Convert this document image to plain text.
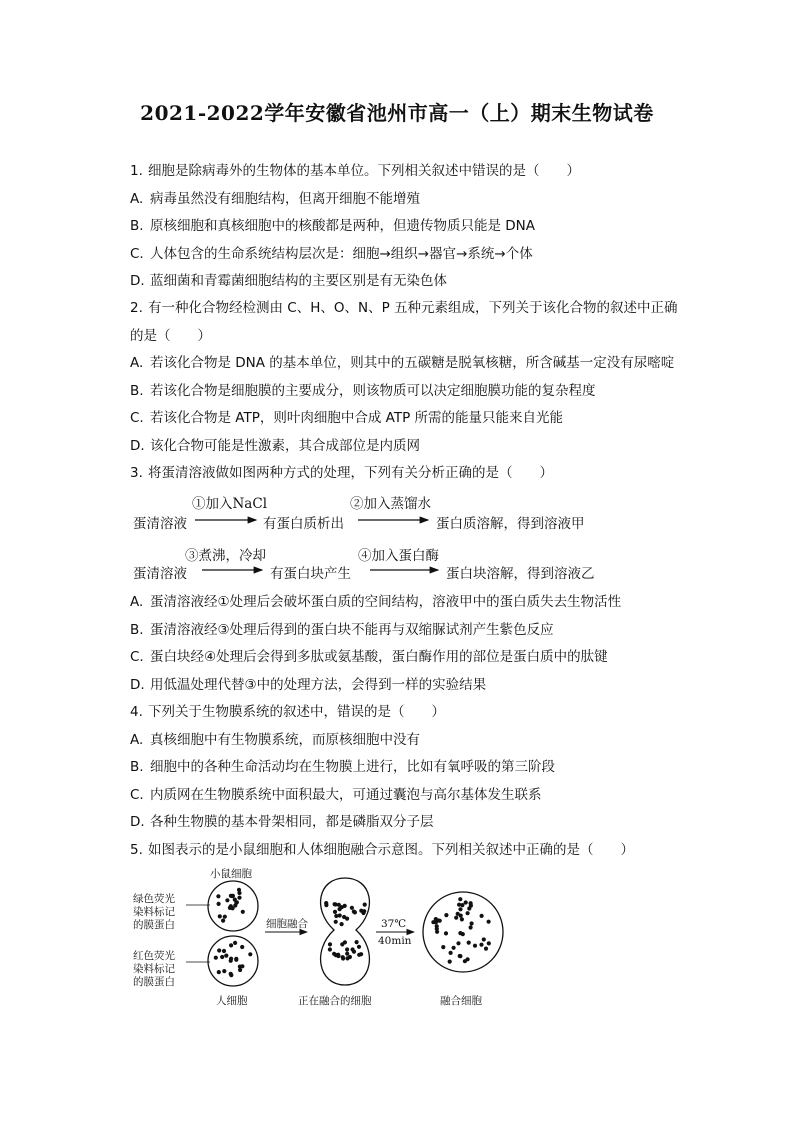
2021-2022学年安徽省池州市高一（上）期末生物试卷
1. 细胞是除病毒外的生物体的基本单位。下列相关叙述中错误的是（　　）
A. 病毒虽然没有细胞结构，但离开细胞不能增殖
B. 原核细胞和真核细胞中的核酸都是两种，但遗传物质只能是 DNA
C. 人体包含的生命系统结构层次是：细胞→组织→器官→系统→个体
D. 蓝细菌和青霉菌细胞结构的主要区别是有无染色体
2. 有一种化合物经检测由 C、H、O、N、P 五种元素组成，下列关于该化合物的叙述中正确
的是（　　）
A. 若该化合物是 DNA 的基本单位，则其中的五碳糖是脱氧核糖，所含碱基一定没有尿嘧啶
B. 若该化合物是细胞膜的主要成分，则该物质可以决定细胞膜功能的复杂程度
C. 若该化合物是 ATP，则叶肉细胞中合成 ATP 所需的能量只能来自光能
D. 该化合物可能是性激素，其合成部位是内质网
3. 将蛋清溶液做如图两种方式的处理，下列有关分析正确的是（　　）
①加入NaCl	②加入蒸馏水
蛋清溶液	有蛋白质析出	蛋白质溶解，得到溶液甲
③煮沸，冷却	④加入蛋白酶
蛋清溶液	有蛋白块产生	蛋白块溶解，得到溶液乙
A. 蛋清溶液经①处理后会破坏蛋白质的空间结构，溶液甲中的蛋白质失去生物活性
B. 蛋清溶液经③处理后得到的蛋白块不能再与双缩脲试剂产生紫色反应
C. 蛋白块经④处理后会得到多肽或氨基酸，蛋白酶作用的部位是蛋白质中的肽键
D. 用低温处理代替③中的处理方法，会得到一样的实验结果
4. 下列关于生物膜系统的叙述中，错误的是（　　）
A. 真核细胞中有生物膜系统，而原核细胞中没有
B. 细胞中的各种生命活动均在生物膜上进行，比如有氧呼吸的第三阶段
C. 内质网在生物膜系统中面积最大，可通过囊泡与高尔基体发生联系
D. 各种生物膜的基本骨架相同，都是磷脂双分子层
5. 如图表示的是小鼠细胞和人体细胞融合示意图。下列相关叙述中正确的是（　　）
小鼠细胞
绿色荧光
染料标记
的膜蛋白
红色荧光
染料标记
的膜蛋白
人细胞
细胞融合
正在融合的细胞
37℃
40min
融合细胞
